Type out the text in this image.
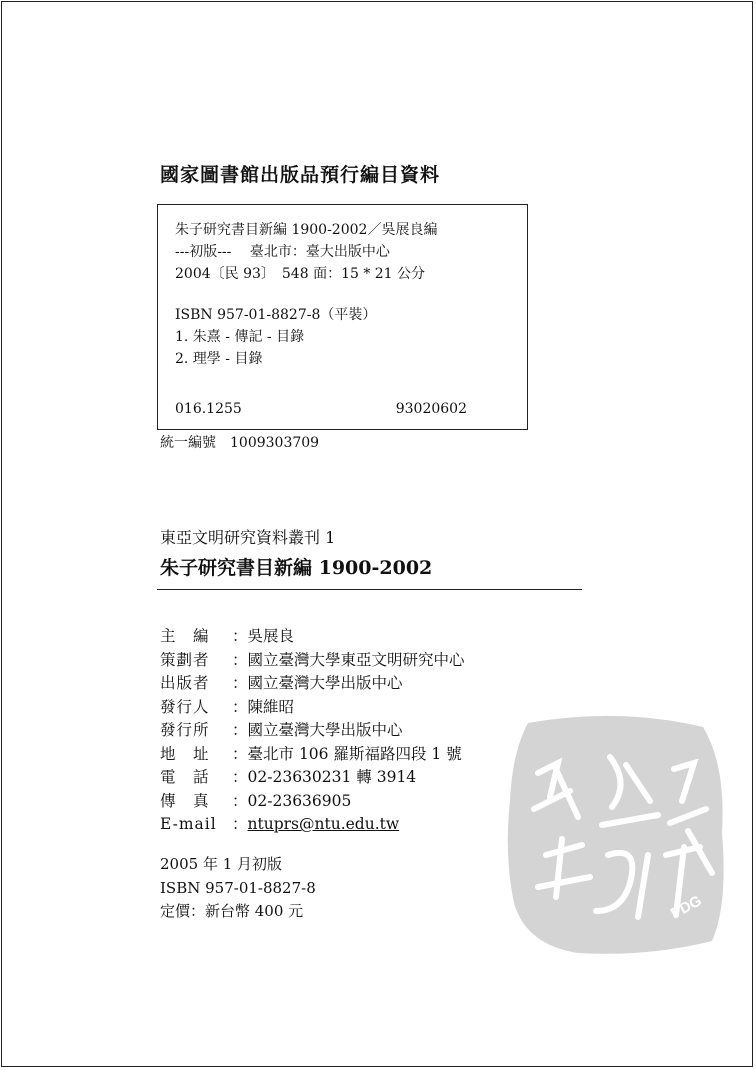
國家圖書館出版品預行編目資料
朱子研究書目新編 1900-2002／吳展良編
---初版---　 臺北市：臺大出版中心
2004〔民 93〕　548 面：15 * 21 公分
ISBN 957-01-8827-8（平裝）
1. 朱熹 - 傳記 - 目錄
2. 理學 - 目錄
016.1255	93020602
統一編號　1009303709
東亞文明研究資料叢刊 1
朱子研究書目新編 1900-2002
主　編 ：吳展良
策劃者 ：國立臺灣大學東亞文明研究中心
出版者 ：國立臺灣大學出版中心
發行人 ：陳維昭
發行所 ：國立臺灣大學出版中心
地　址 ：臺北市 106 羅斯福路四段 1 號
電　話 ：02-23630231 轉 3914
傳　真 ：02-23636905
E-mail ：ntuprs@ntu.edu.tw
2005 年 1 月初版
ISBN 957-01-8827-8
定價：新台幣 400 元	PDG
